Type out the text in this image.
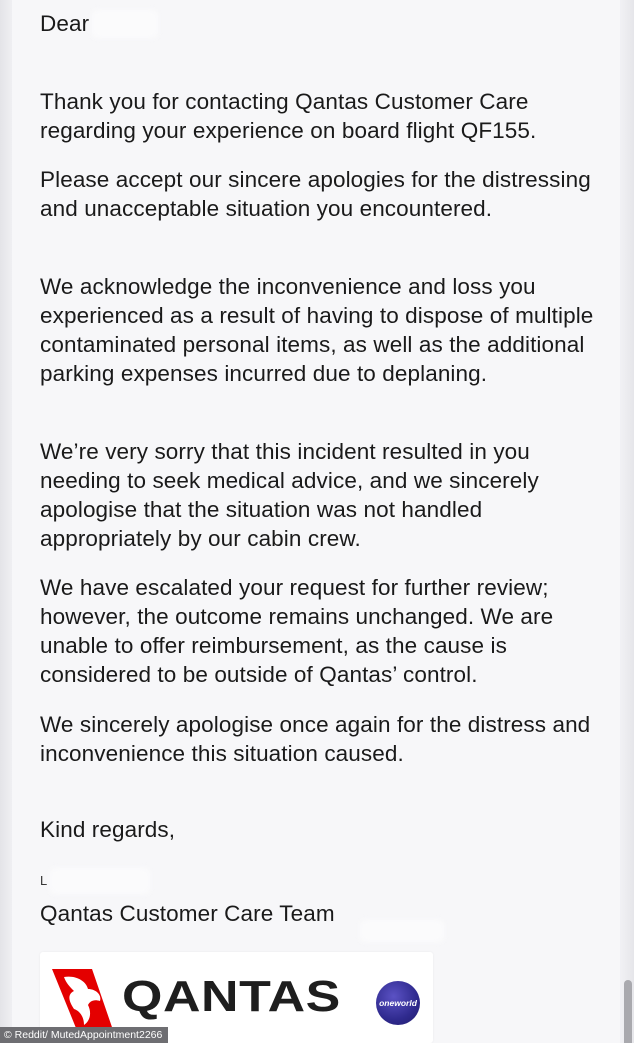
Dear

Thank you for contacting Qantas Customer Care regarding your experience on board flight QF155.

Please accept our sincere apologies for the distressing and unacceptable situation you encountered.

We acknowledge the inconvenience and loss you experienced as a result of having to dispose of multiple contaminated personal items, as well as the additional parking expenses incurred due to deplaning.

We’re very sorry that this incident resulted in you needing to seek medical advice, and we sincerely apologise that the situation was not handled appropriately by our cabin crew.

We have escalated your request for further review; however, the outcome remains unchanged. We are unable to offer reimbursement, as the cause is considered to be outside of Qantas’ control.

We sincerely apologise once again for the distress and inconvenience this situation caused.

Kind regards,

L

Qantas Customer Care Team

QANTAS	oneworld
© Reddit/ MutedAppointment2266
